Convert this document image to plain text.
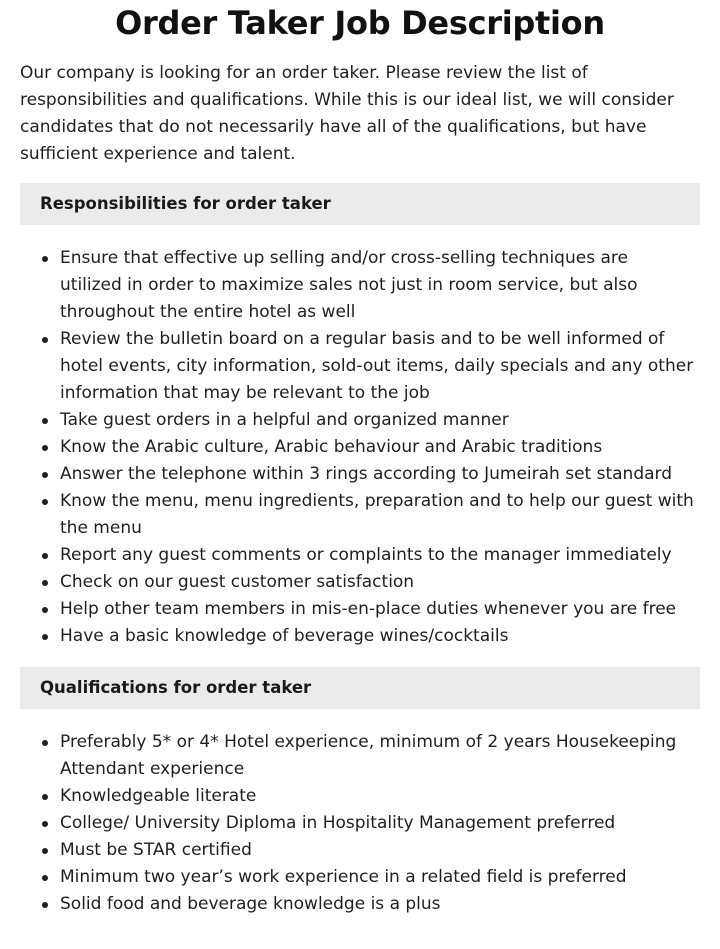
Order Taker Job Description

Our company is looking for an order taker. Please review the list of responsibilities and qualifications. While this is our ideal list, we will consider candidates that do not necessarily have all of the qualifications, but have sufficient experience and talent.

Responsibilities for order taker
Ensure that effective up selling and/or cross-selling techniques are utilized in order to maximize sales not just in room service, but also throughout the entire hotel as well
Review the bulletin board on a regular basis and to be well informed of hotel events, city information, sold-out items, daily specials and any other information that may be relevant to the job
Take guest orders in a helpful and organized manner
Know the Arabic culture, Arabic behaviour and Arabic traditions
Answer the telephone within 3 rings according to Jumeirah set standard
Know the menu, menu ingredients, preparation and to help our guest with the menu
Report any guest comments or complaints to the manager immediately
Check on our guest customer satisfaction
Help other team members in mis-en-place duties whenever you are free
Have a basic knowledge of beverage wines/cocktails
Qualifications for order taker
Preferably 5* or 4* Hotel experience, minimum of 2 years Housekeeping Attendant experience
Knowledgeable literate
College/ University Diploma in Hospitality Management preferred
Must be STAR certified
Minimum two year’s work experience in a related field is preferred
Solid food and beverage knowledge is a plus
